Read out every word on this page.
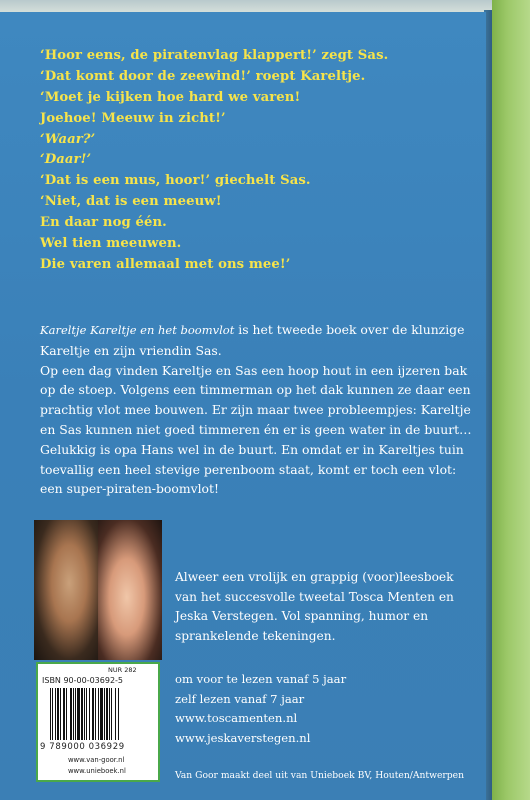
‘Hoor eens, de piratenvlag klappert!’ zegt Sas.
‘Dat komt door de zeewind!’ roept Kareltje.
‘Moet je kijken hoe hard we varen!
Joehoe! Meeuw in zicht!’
‘Waar?’
‘Daar!’
‘Dat is een mus, hoor!’ giechelt Sas.
‘Niet, dat is een meeuw!
En daar nog één.
Wel tien meeuwen.
Die varen allemaal met ons mee!’

Kareltje Kareltje en het boomvlot is het tweede boek over de klunzige Kareltje en zijn vriendin Sas.
Op een dag vinden Kareltje en Sas een hoop hout in een ijzeren bak op de stoep. Volgens een timmerman op het dak kunnen ze daar een prachtig vlot mee bouwen. Er zijn maar twee probleempjes: Kareltje en Sas kunnen niet goed timmeren én er is geen water in de buurt… Gelukkig is opa Hans wel in de buurt. En omdat er in Kareltjes tuin toevallig een heel stevige perenboom staat, komt er toch een vlot: een super-piraten-boomvlot!

Alweer een vrolijk en grappig (voor)leesboek van het succesvolle tweetal Tosca Menten en Jeska Verstegen. Vol spanning, humor en sprankelende tekeningen.

om voor te lezen vanaf 5 jaar
zelf lezen vanaf 7 jaar
www.toscamenten.nl
www.jeskaverstegen.nl
NUR 282
ISBN 90-00-03692-5
9 789000 036929
www.van-goor.nl
www.unieboek.nl	Van Goor maakt deel uit van Unieboek BV, Houten/Antwerpen
